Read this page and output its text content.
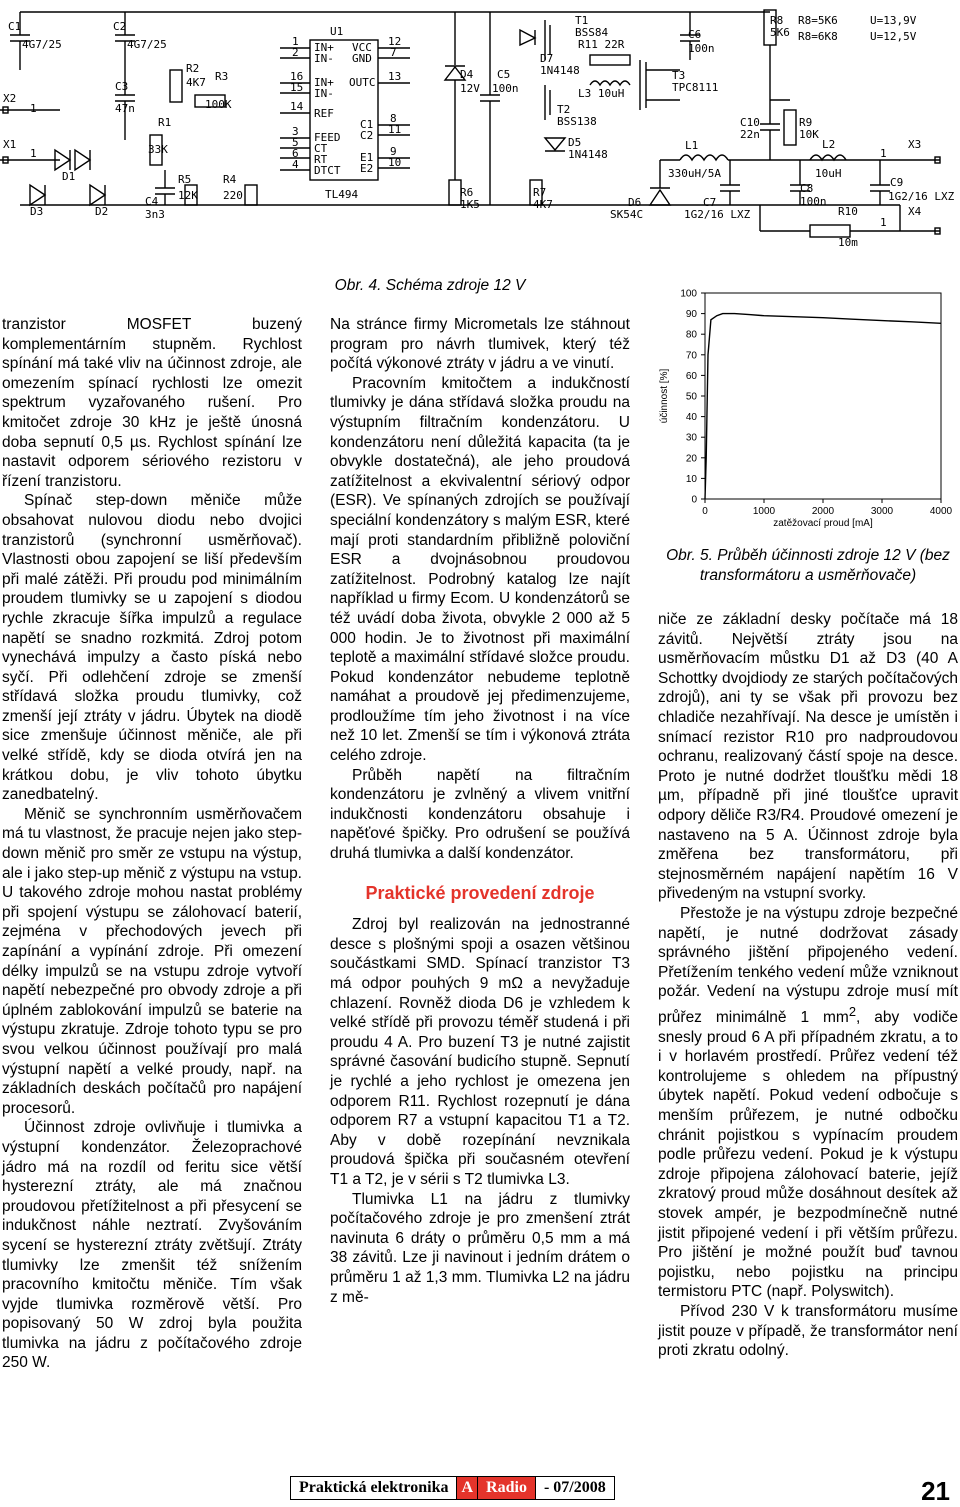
C1
4G7/25
C2
4G7/25
C3
47n
R1
33K
R2
4K7 R3
100K
C4
3n3
R5
12K
R4
220
X2
1
X1
1
D1
D3	D2
U1
TL494
IN+
IN-
IN+
IN-
REF
FEED
CT
RT
DTCT
VCC
GND
OUTC
C1
C2
E1
E2
1
2
16
15
14
3
5
6
4
12
7
13
8
11
9
10
D4
12V
C5
100n
T1
BSS84
R11 22R
D7
1N4148
L3 10uH
T2
BSS138
D5
1N4148
R6
1K5
R7
4K7	D6
SK54C
C6
100n
T3
TPC8111
L1
330uH/5A
C7
1G2/16 LXZ
C10
22n
R8
5K6
R9
10K
R8=5K6
R8=6K8
U=13,9V
U=12,5V
L2
10uH
C8
100n
R10
10m
C9
1G2/16 LXZ
X3
1
X4
1
Obr. 4. Schéma zdroje 12 V
0
10
20
30
40
50
60
70
80
90
100
0	1000	2000	3000	4000
zatěžovací proud [mA]
účinnost [%]
Obr. 5. Průběh účinnosti zdroje 12 V (bez transformátoru a usměrňovače)

tranzistor MOSFET buzený komplementárním stupněm. Rychlost spínání má také vliv na účinnost zdroje, ale omezením spínací rychlosti lze omezit spektrum vyzařovaného rušení. Pro kmitočet zdroje 30 kHz je ještě únosná doba sepnutí 0,5 µs. Rychlost spínání lze nastavit odporem sériového rezistoru v řízení tranzistoru.

Spínač step-down měniče může obsahovat nulovou diodu nebo dvojici tranzistorů (synchronní usměrňovač). Vlastnosti obou zapojení se liší především při malé zátěži. Při proudu pod minimálním proudem tlumivky se u zapojení s diodou rychle zkracuje šířka impulzů a regulace napětí se snadno rozkmitá. Zdroj potom vynechává impulzy a často píská nebo syčí. Při odlehčení zdroje se zmenší střídavá složka proudu tlumivky, což zmenší její ztráty v jádru. Úbytek na diodě sice zmenšuje účinnost měniče, ale při velké střídě, kdy se dioda otvírá jen na krátkou dobu, je vliv tohoto úbytku zanedbatelný.

Měnič se synchronním usměrňovačem má tu vlastnost, že pracuje nejen jako step-down měnič pro směr ze vstupu na výstup, ale i jako step-up měnič z výstupu na vstup. U takového zdroje mohou nastat problémy při spojení výstupu se zálohovací baterií, zejména v přechodových jevech při zapínání a vypínání zdroje. Při omezení délky impulzů se na vstupu zdroje vytvoří napětí nebezpečné pro obvody zdroje a při úplném zablokování impulzů se baterie na výstupu zkratuje. Zdroje tohoto typu se pro svou velkou účinnost používají pro malá výstupní napětí a velké proudy, např. na základních deskách počítačů pro napájení procesorů.

Účinnost zdroje ovlivňuje i tlumivka a výstupní kondenzátor. Železoprachové jádro má na rozdíl od feritu sice větší hysterezní ztráty, ale má značnou proudovou přetížitelnost a při přesycení se indukčnost náhle neztratí. Zvyšováním sycení se hysterezní ztráty zvětšují. Ztráty tlumivky lze zmenšit též snížením pracovního kmitočtu měniče. Tím však vyjde tlumivka rozměrově větší. Pro popisovaný 50 W zdroj byla použita tlumivka na jádru z počítačového zdroje 250 W.

Na stránce firmy Micrometals lze stáhnout program pro návrh tlumivek, který též počítá výkonové ztráty v jádru a ve vinutí.

Pracovním kmitočtem a indukčností tlumivky je dána střídavá složka proudu na výstupním filtračním kondenzátoru. U kondenzátoru není důležitá kapacita (ta je obvykle dostatečná), ale jeho proudová zatížitelnost a ekvivalentní sériový odpor (ESR). Ve spínaných zdrojích se používají speciální kondenzátory s malým ESR, které mají proti standardním přibližně poloviční ESR a dvojnásobnou proudovou zatížitelnost. Podrobný katalog lze najít například u firmy Ecom. U kondenzátorů se též uvádí doba života, obvykle 2 000 až 5 000 hodin. Je to životnost při maximální teplotě a maximální střídavé složce proudu. Pokud kondenzátor nebudeme teplotně namáhat a proudově jej předimenzujeme, prodloužíme tím jeho životnost i na více než 10 let. Zmenší se tím i výkonová ztráta celého zdroje.

Průběh napětí na filtračním kondenzátoru je zvlněný a vlivem vnitřní indukčnosti kondenzátoru obsahuje i napěťové špičky. Pro odrušení se používá druhá tlumivka a další kondenzátor.

Praktické provedení zdroje

Zdroj byl realizován na jednostranné desce s plošnými spoji a osazen většinou součástkami SMD. Spínací tranzistor T3 má odpor pouhých 9 mΩ a nevyžaduje chlazení. Rovněž dioda D6 je vzhledem k velké střídě při provozu téměř studená i při proudu 4 A. Pro buzení T3 je nutné zajistit správné časování budicího stupně. Sepnutí je rychlé a jeho rychlost je omezena jen odporem R11. Rychlost rozepnutí je dána odporem R7 a vstupní kapacitou T1 a T2. Aby v době rozepínání nevznikala proudová špička při současném otevření T1 a T2, je v sérii s T2 tlumivka L3.

Tlumivka L1 na jádru z tlumivky počítačového zdroje je pro zmenšení ztrát navinuta 6 dráty o průměru 0,5 mm a má 38 závitů. Lze ji navinout i jedním drátem o průměru 1 až 1,3 mm. Tlumivka L2 na jádru z mě-

niče ze základní desky počítače má 18 závitů. Největší ztráty jsou na usměrňovacím můstku D1 až D3 (40 A Schottky dvojdiody ze starých počítačových zdrojů), ani ty se však při provozu bez chladiče nezahřívají. Na desce je umístěn i snímací rezistor R10 pro nadproudovou ochranu, realizovaný částí spoje na desce. Proto je nutné dodržet tloušťku mědi 18 µm, případně při jiné tloušťce upravit odpory děliče R3/R4. Proudové omezení je nastaveno na 5 A. Účinnost zdroje byla změřena bez transformátoru, při stejnosměrném napájení napětím 16 V přivedeným na vstupní svorky.

Přestože je na výstupu zdroje bezpečné napětí, je nutné dodržovat zásady správného jištění připojeného vedení. Přetížením tenkého vedení může vzniknout požár. Vedení na výstupu zdroje musí mít průřez minimálně 1 $mm^2$, aby vodiče snesly proud 6 A při případném zkratu, a to i v horlavém prostředí. Průřez vedení též kontrolujeme s ohledem na přípustný úbytek napětí. Pokud vedení odbočuje s menším průřezem, je nutné odbočku chránit pojistkou s vypínacím proudem podle průřezu vedení. Pokud je k výstupu zdroje připojena zálohovací baterie, jejíž zkratový proud může dosáhnout desítek až stovek ampér, je bezpodmínečně nutné jistit připojené vedení i při větším průřezu. Pro jištění je možné použít buď tavnou pojistku, nebo pojistku na principu termistoru PTC (např. Polyswitch).

Přívod 230 V k transformátoru musíme jistit pouze v případě, že transformátor není proti zkratu odolný.

Praktická elektronika A Radio	- 07/2008	21
